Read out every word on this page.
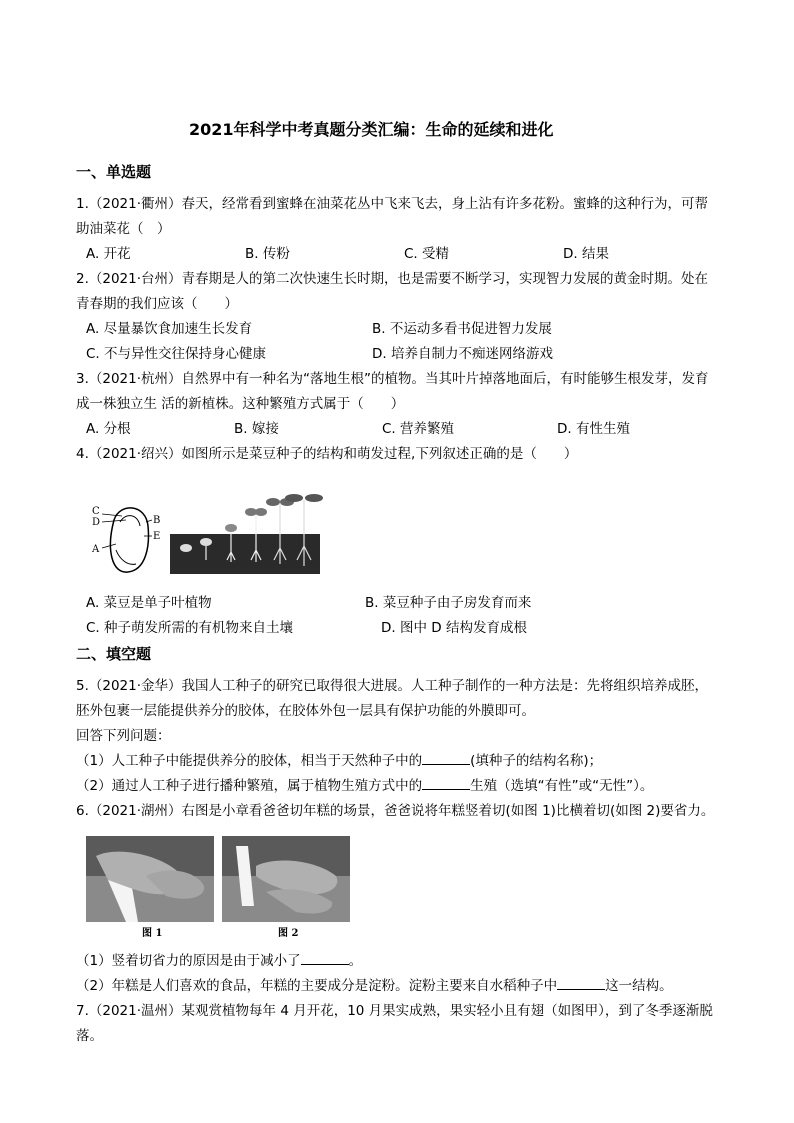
2021年科学中考真题分类汇编：生命的延续和进化
一、单选题
1.（2021·衢州）春天，经常看到蜜蜂在油菜花丛中飞来飞去，身上沾有许多花粉。蜜蜂的这种行为，可帮
助油菜花（　）
A. 开花	B. 传粉	C. 受精	D. 结果
2.（2021·台州）青春期是人的第二次快速生长时期，也是需要不断学习，实现智力发展的黄金时期。处在
青春期的我们应该（　　）
A. 尽量暴饮食加速生长发育	B. 不运动多看书促进智力发展
C. 不与异性交往保持身心健康	D. 培养自制力不痴迷网络游戏
3.（2021·杭州）自然界中有一种名为“落地生根”的植物。当其叶片掉落地面后，有时能够生根发芽，发育
成一株独立生 活的新植株。这种繁殖方式属于（　　）
A. 分根	B. 嫁接	C. 营养繁殖	D. 有性生殖
4.（2021·绍兴）如图所示是菜豆种子的结构和萌发过程,下列叙述正确的是（　　）
C
D	B
E
A
A. 菜豆是单子叶植物	B. 菜豆种子由子房发育而来
C. 种子萌发所需的有机物来自土壤	D. 图中 D 结构发育成根
二、填空题
5.（2021·金华）我国人工种子的研究已取得很大进展。人工种子制作的一种方法是：先将组织培养成胚，
胚外包裹一层能提供养分的胶体，在胶体外包一层具有保护功能的外膜即可。
回答下列问题：
（1）人工种子中能提供养分的胶体，相当于天然种子中的	(填种子的结构名称)；
（2）通过人工种子进行播种繁殖，属于植物生殖方式中的	生殖（选填“有性”或“无性”）。
6.（2021·湖州）右图是小章看爸爸切年糕的场景，爸爸说将年糕竖着切(如图 1)比横着切(如图 2)要省力。
图 1	图 2
（1）竖着切省力的原因是由于减小了	。
（2）年糕是人们喜欢的食品，年糕的主要成分是淀粉。淀粉主要来自水稻种子中	这一结构。
7.（2021·温州）某观赏植物每年 4 月开花，10 月果实成熟，果实轻小且有翅（如图甲），到了冬季逐渐脱
落。
